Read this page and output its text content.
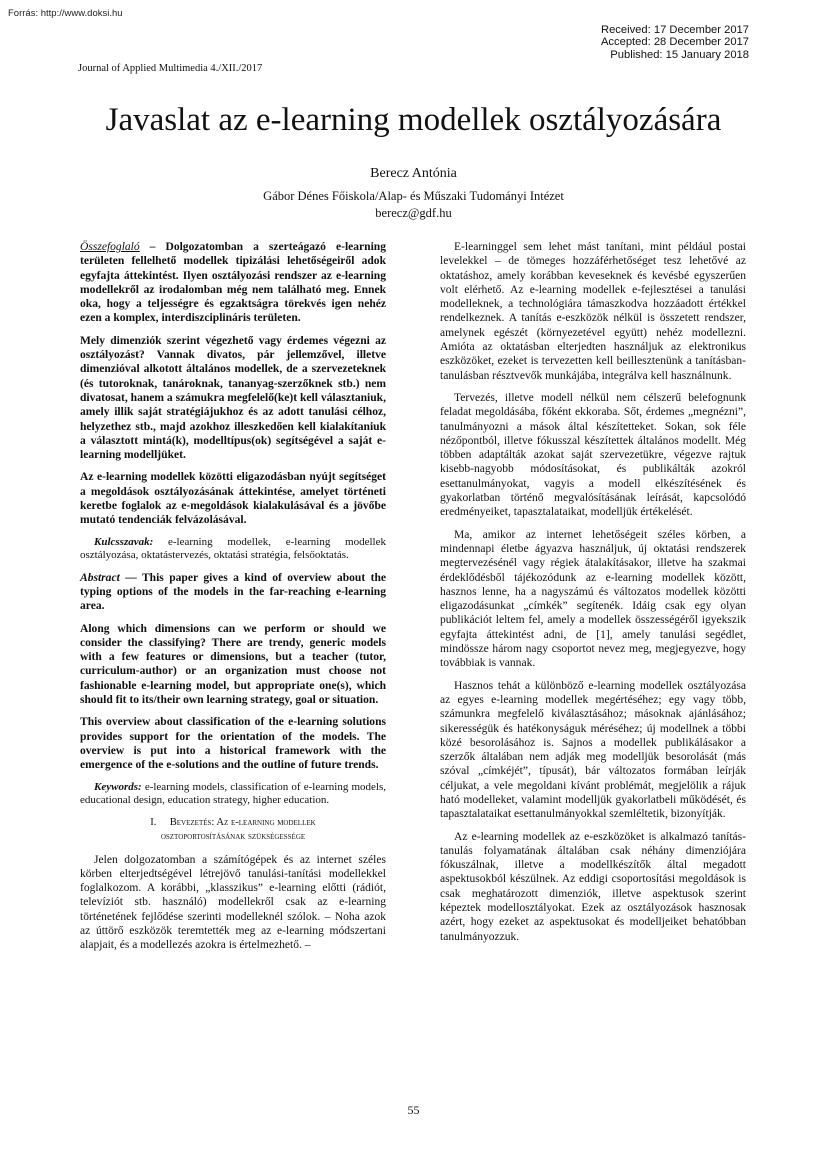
Forrás: http://www.doksi.hu
Received: 17 December 2017
Accepted: 28 December 2017
Published: 15 January 2018
Journal of Applied Multimedia 4./XII./2017
Javaslat az e-learning modellek osztályozására
Berecz Antónia
Gábor Dénes Főiskola/Alap- és Műszaki Tudományi Intézet
berecz@gdf.hu

Összefoglaló – Dolgozatomban a szerteágazó e-learning területen fellelhető modellek tipizálási lehetőségeiről adok egyfajta áttekintést. Ilyen osztályozási rendszer az e-learning modellekről az irodalomban még nem található meg. Ennek oka, hogy a teljességre és egzaktságra törekvés igen nehéz ezen a komplex, interdiszciplináris területen.

Mely dimenziók szerint végezhető vagy érdemes végezni az osztályozást? Vannak divatos, pár jellemzővel, illetve dimenzióval alkotott általános modellek, de a szervezeteknek (és tutoroknak, tanároknak, tananyag-szerzőknek stb.) nem divatosat, hanem a számukra megfelelő(ke)t kell választaniuk, amely illik saját stratégiájukhoz és az adott tanulási célhoz, helyzethez stb., majd azokhoz illeszkedően kell kialakítaniuk a választott mintá(k), modelltípus(ok) segítségével a saját e-learning modelljüket.

Az e-learning modellek közötti eligazodásban nyújt segítséget a megoldások osztályozásának áttekintése, amelyet történeti keretbe foglalok az e-megoldások kialakulásával és a jövőbe mutató tendenciák felvázolásával.

Kulcsszavak: e-learning modellek, e-learning modellek osztályozása, oktatástervezés, oktatási stratégia, felsőoktatás.

Abstract — This paper gives a kind of overview about the typing options of the models in the far-reaching e-learning area.

Along which dimensions can we perform or should we consider the classifying? There are trendy, generic models with a few features or dimensions, but a teacher (tutor, curriculum-author) or an organization must choose not fashionable e-learning model, but appropriate one(s), which should fit to its/their own learning strategy, goal or situation.

This overview about classification of the e-learning solutions provides support for the orientation of the models. The overview is put into a historical framework with the emergence of the e-solutions and the outline of future trends.

Keywords: e-learning models, classification of e-learning models, educational design, education strategy, higher education.

I. Bevezetés: Az e-learning modellek
osztoportosításának szükségessége

Jelen dolgozatomban a számítógépek és az internet széles körben elterjedtségével létrejövő tanulási-tanítási modellekkel foglalkozom. A korábbi, „klasszikus” e-learning előtti (rádiót, televíziót stb. használó) modellekről csak az e-learning történetének fejlődése szerinti modelleknél szólok. – Noha azok az úttörő eszközök teremtették meg az e-learning módszertani alapjait, és a modellezés azokra is értelmezhető. –

E-learninggel sem lehet mást tanítani, mint például postai levelekkel – de tömeges hozzáférhetőséget tesz lehetővé az oktatáshoz, amely korábban keveseknek és kevésbé egyszerűen volt elérhető. Az e-learning modellek e-fejlesztései a tanulási modelleknek, a technológiára támaszkodva hozzáadott értékkel rendelkeznek. A tanítás e-eszközök nélkül is összetett rendszer, amelynek egészét (környezetével együtt) nehéz modellezni. Amióta az oktatásban elterjedten használjuk az elektronikus eszközöket, ezeket is tervezetten kell beillesztenünk a tanításban-tanulásban résztvevők munkájába, integrálva kell használnunk.

Tervezés, illetve modell nélkül nem célszerű belefognunk feladat megoldásába, főként ekkoraba. Sőt, érdemes „megnézni”, tanulmányozni a mások által készítetteket. Sokan, sok féle nézőpontból, illetve fókusszal készítettek általános modellt. Még többen adaptálták azokat saját szervezetükre, végezve rajtuk kisebb-nagyobb módosításokat, és publikálták azokról esettanulmányokat, vagyis a modell elkészítésének és gyakorlatban történő megvalósításának leírását, kapcsolódó eredményeiket, tapasztalataikat, modelljük értékelését.

Ma, amikor az internet lehetőségeit széles körben, a mindennapi életbe ágyazva használjuk, új oktatási rendszerek megtervezésénél vagy régiek átalakításakor, illetve ha szakmai érdeklődésből tájékozódunk az e-learning modellek között, hasznos lenne, ha a nagyszámú és változatos modellek közötti eligazodásunkat „címkék” segítenék. Idáig csak egy olyan publikációt leltem fel, amely a modellek összességéről igyekszik egyfajta áttekintést adni, de [1], amely tanulási segédlet, mindössze három nagy csoportot nevez meg, megjegyezve, hogy továbbiak is vannak.

Hasznos tehát a különböző e-learning modellek osztályozása az egyes e-learning modellek megértéséhez; egy vagy több, számunkra megfelelő kiválasztásához; másoknak ajánlásához; sikerességük és hatékonyságuk méréséhez; új modellnek a többi közé besorolásához is. Sajnos a modellek publikálásakor a szerzők általában nem adják meg modelljük besorolását (más szóval „címkéjét”, típusát), bár változatos formában leírják céljukat, a vele megoldani kívánt problémát, megjelölik a rájuk ható modelleket, valamint modelljük gyakorlatbeli működését, és tapasztalataikat esettanulmányokkal szemléltetik, bizonyítják.

Az e-learning modellek az e-eszközöket is alkalmazó tanítás-tanulás folyamatának általában csak néhány dimenziójára fókuszálnak, illetve a modellkészítők által megadott aspektusokból készülnek. Az eddigi csoportosítási megoldások is csak meghatározott dimenziók, illetve aspektusok szerint képeztek modellosztályokat. Ezek az osztályozások hasznosak azért, hogy ezeket az aspektusokat és modelljeiket behatóbban tanulmányozzuk.

55
